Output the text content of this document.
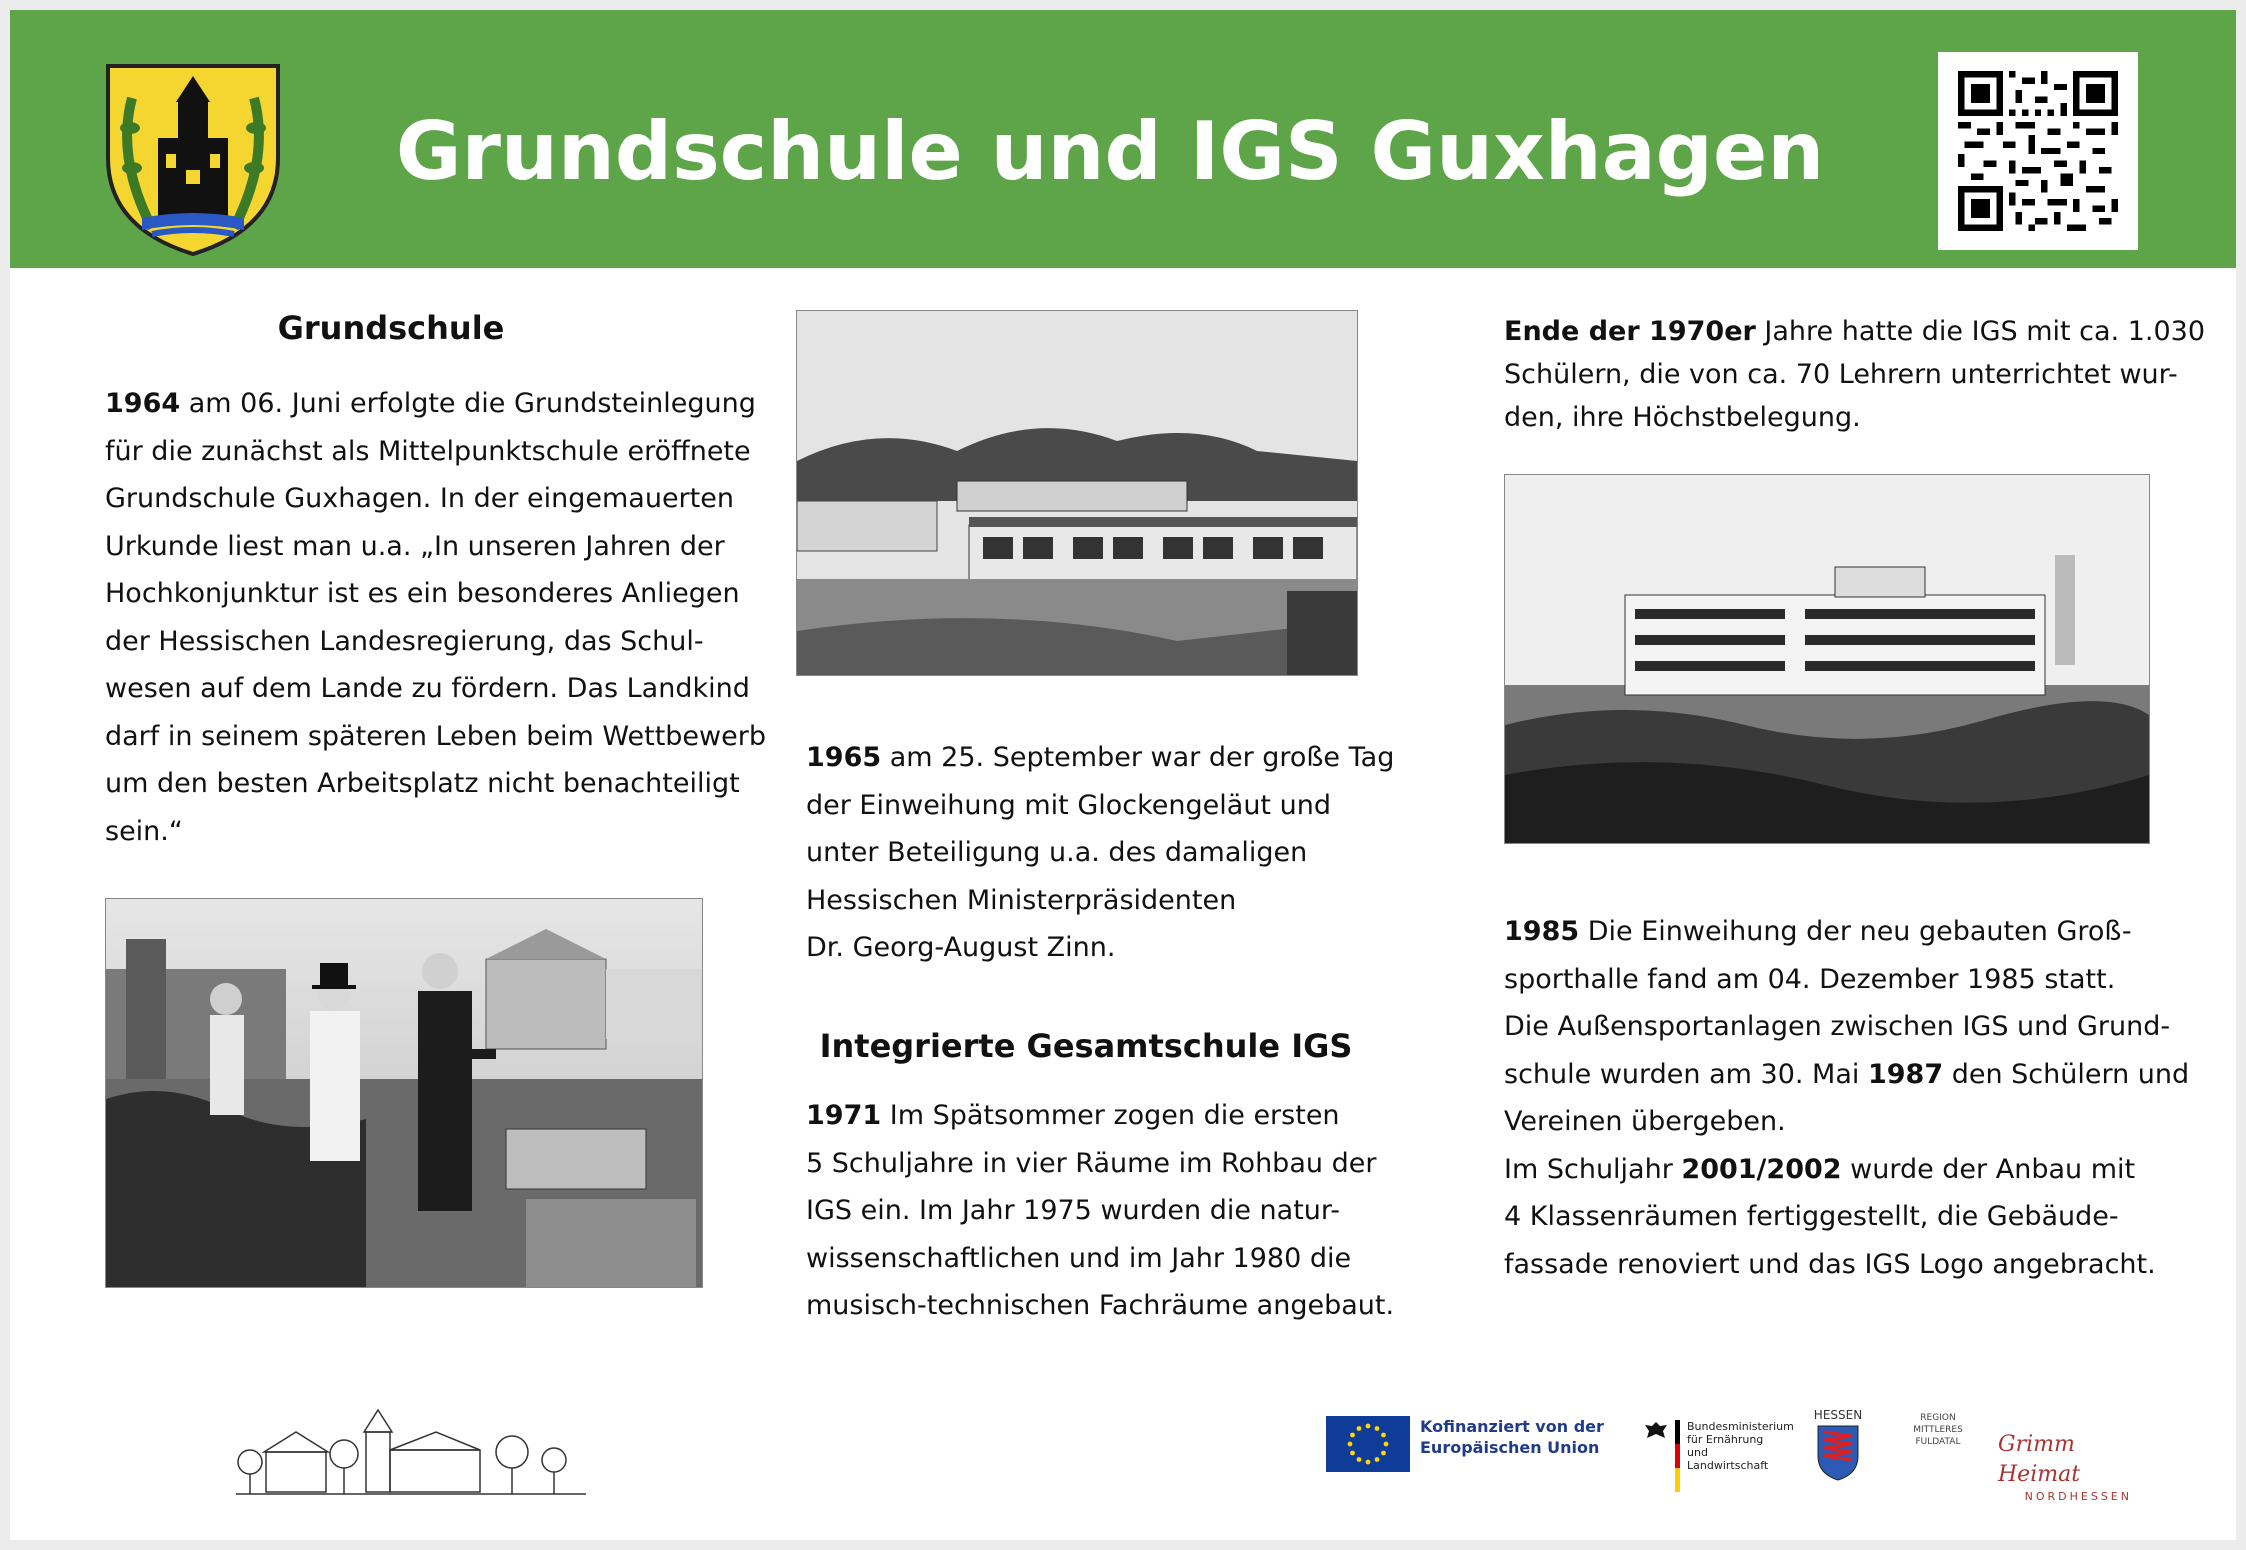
Grundschule und IGS Guxhagen
Grundschule
1964 am 06. Juni erfolgte die Grundsteinlegung
für die zunächst als Mittelpunktschule eröffnete
Grundschule Guxhagen. In der eingemauerten
Urkunde liest man u.a. „In unseren Jahren der
Hochkonjunktur ist es ein besonderes Anliegen
der Hessischen Landesregierung, das Schul-
wesen auf dem Lande zu fördern. Das Landkind
darf in seinem späteren Leben beim Wettbewerb
um den besten Arbeitsplatz nicht benachteiligt
sein.“
1965 am 25. September war der große Tag
der Einweihung mit Glockengeläut und
unter Beteiligung u.a. des damaligen
Hessischen Ministerpräsidenten
Dr. Georg-August Zinn.
Integrierte Gesamtschule IGS
1971 Im Spätsommer zogen die ersten
5 Schuljahre in vier Räume im Rohbau der
IGS ein. Im Jahr 1975 wurden die natur-
wissenschaftlichen und im Jahr 1980 die
musisch-technischen Fachräume angebaut.
Ende der 1970er Jahre hatte die IGS mit ca. 1.030
Schülern, die von ca. 70 Lehrern unterrichtet wur-
den, ihre Höchstbelegung.
1985 Die Einweihung der neu gebauten Groß-
sporthalle fand am 04. Dezember 1985 statt.
Die Außensportanlagen zwischen IGS und Grund-
schule wurden am 30. Mai 1987 den Schülern und
Vereinen übergeben.
Im Schuljahr 2001/2002 wurde der Anbau mit
4 Klassenräumen fertiggestellt, die Gebäude-
fassade renoviert und das IGS Logo angebracht.
Kofinanziert von der
Europäischen Union
Bundesministerium
für Ernährung
und Landwirtschaft
HESSEN	REGION
MITTLERES
FULDATAL	Grimm Heimat
NORDHESSEN
